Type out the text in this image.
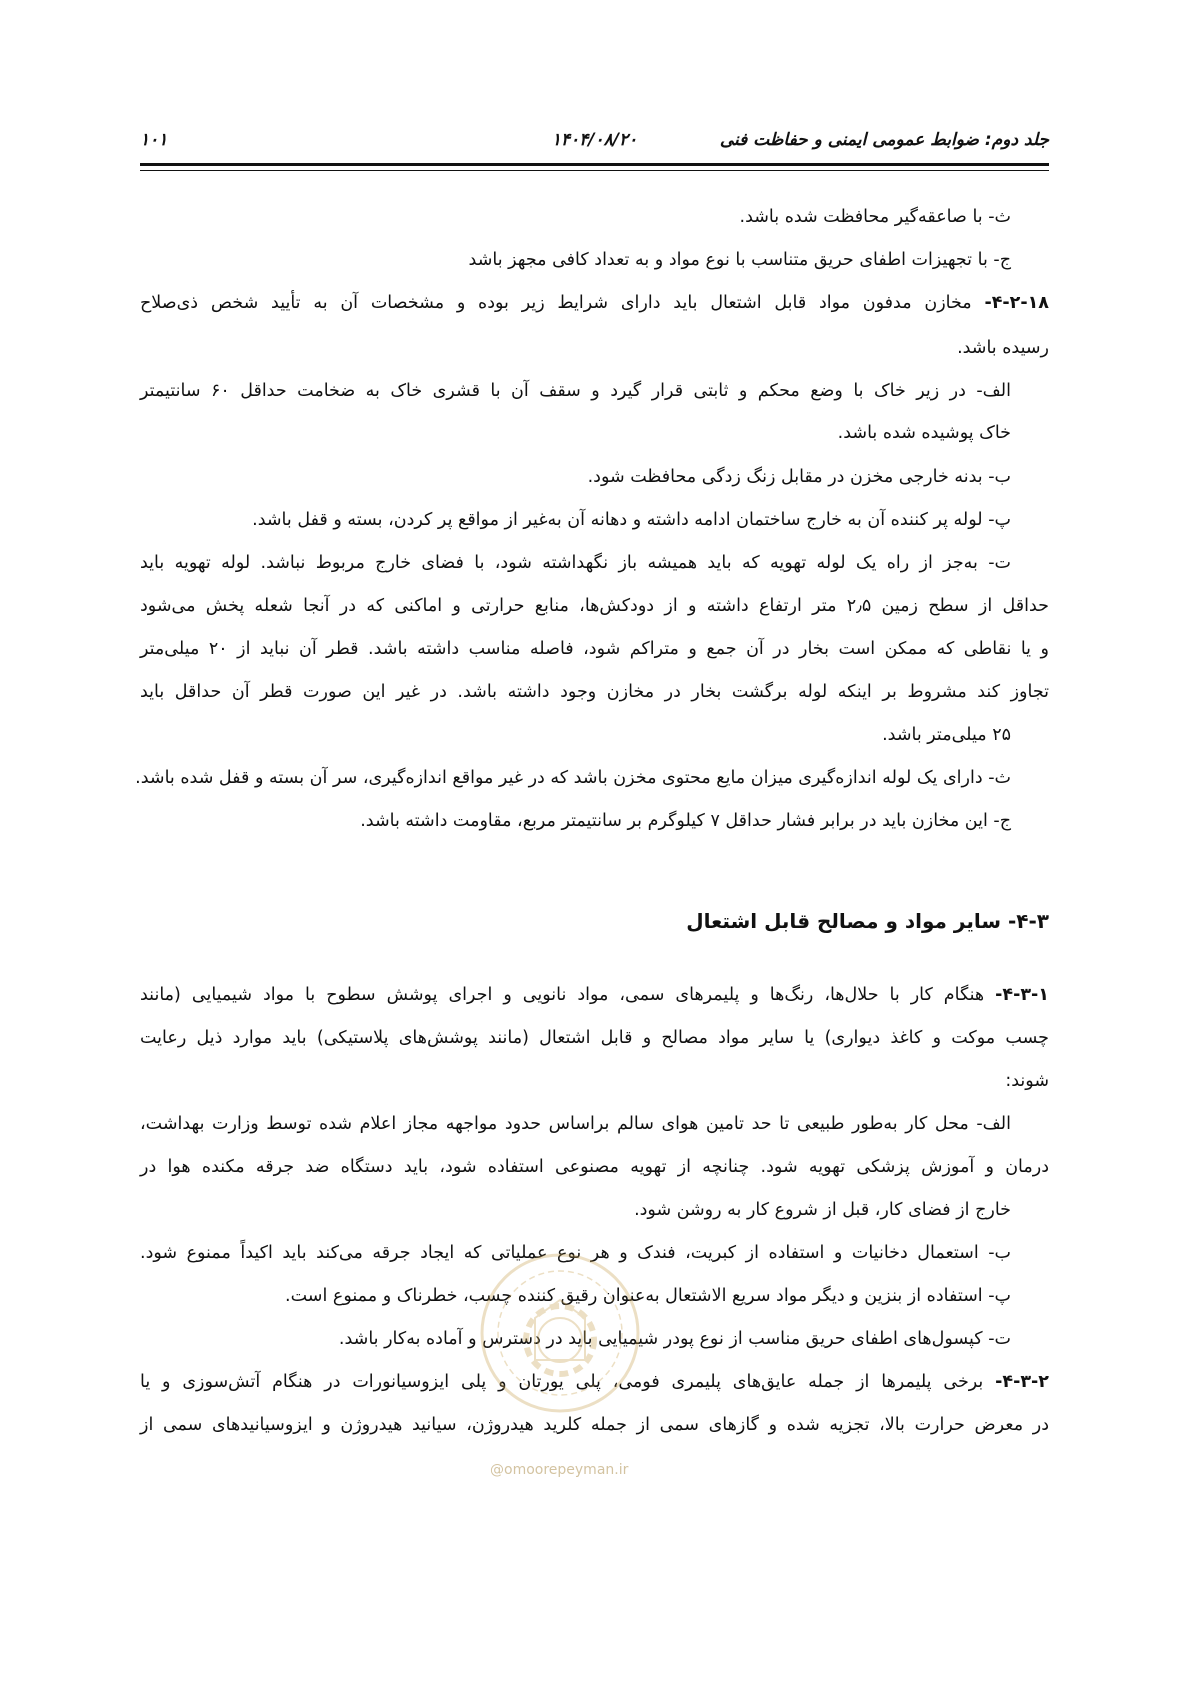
جلد دوم: ضوابط عمومی ایمنی و حفاظت فنی
۱۴۰۴/۰۸/۲۰
۱۰۱
ث- با صاعقه‌گیر محافظت شده باشد.
ج- با تجهیزات اطفای حریق متناسب با نوع مواد و به تعداد کافی مجهز باشد
۴-۲-۱۸- مخازن مدفون مواد قابل اشتعال باید دارای شرایط زیر بوده و مشخصات آن به تأیید شخص ذی‌صلاح
رسیده باشد.
الف- در زیر خاک با وضع محکم و ثابتی قرار گیرد و سقف آن با قشری خاک به ضخامت حداقل ۶۰ سانتیمتر
خاک پوشیده شده باشد.
ب- بدنه خارجی مخزن در مقابل زنگ زدگی محافظت شود.
پ- لوله پر کننده آن به خارج ساختمان ادامه داشته و دهانه آن به‌غیر از مواقع پر کردن، بسته و قفل باشد.
ت- به‌جز از راه یک لوله تهویه که باید همیشه باز نگهداشته شود، با فضای خارج مربوط نباشد. لوله تهویه باید
حداقل از سطح زمین ۲٫۵ متر ارتفاع داشته و از دودکش‌ها، منابع حرارتی و اماکنی که در آنجا شعله پخش می‌شود
و یا نقاطی که ممکن است بخار در آن جمع و متراکم شود، فاصله مناسب داشته باشد. قطر آن نباید از ۲۰ میلی‌متر
تجاوز کند مشروط بر اینکه لوله برگشت بخار در مخازن وجود داشته باشد. در غیر این صورت قطر آن حداقل باید
۲۵ میلی‌متر باشد.
ث- دارای یک لوله اندازه‌گیری میزان مایع محتوی مخزن باشد که در غیر مواقع اندازه‌گیری، سر آن بسته و قفل شده باشد.
ج- این مخازن باید در برابر فشار حداقل ۷ کیلوگرم بر سانتیمتر مربع، مقاومت داشته باشد.
۴-۳- سایر مواد و مصالح قابل اشتعال
۴-۳-۱- هنگام کار با حلال‌ها، رنگ‌ها و پلیمرهای سمی، مواد نانویی و اجرای پوشش سطوح با مواد شیمیایی (مانند
چسب موکت و کاغذ دیواری) یا سایر مواد مصالح و قابل اشتعال (مانند پوشش‌های پلاستیکی) باید موارد ذیل رعایت
شوند:
الف- محل کار به‌طور طبیعی تا حد تامین هوای سالم براساس حدود مواجهه مجاز اعلام شده توسط وزارت بهداشت،
درمان و آموزش پزشکی تهویه شود. چنانچه از تهویه مصنوعی استفاده شود، باید دستگاه ضد جرقه مکنده هوا در
خارج از فضای کار، قبل از شروع کار به روشن شود.
ب- استعمال دخانیات و استفاده از کبریت، فندک و هر نوع عملیاتی که ایجاد جرقه می‌کند باید اکیداً ممنوع شود.
پ- استفاده از بنزین و دیگر مواد سریع الاشتعال به‌عنوان رقیق کننده چسب، خطرناک و ممنوع است.
ت- کپسول‌های اطفای حریق مناسب از نوع پودر شیمیایی باید در دسترس و آماده به‌کار باشد.
۴-۳-۲- برخی پلیمرها از جمله عایق‌های پلیمری فومی، پلی یورتان و پلی ایزوسیانورات در هنگام آتش‌سوزی و یا
در معرض حرارت بالا، تجزیه شده و گازهای سمی از جمله کلرید هیدروژن، سیانید هیدروژن و ایزوسیانیدهای سمی از
@omoorepeyman.ir
